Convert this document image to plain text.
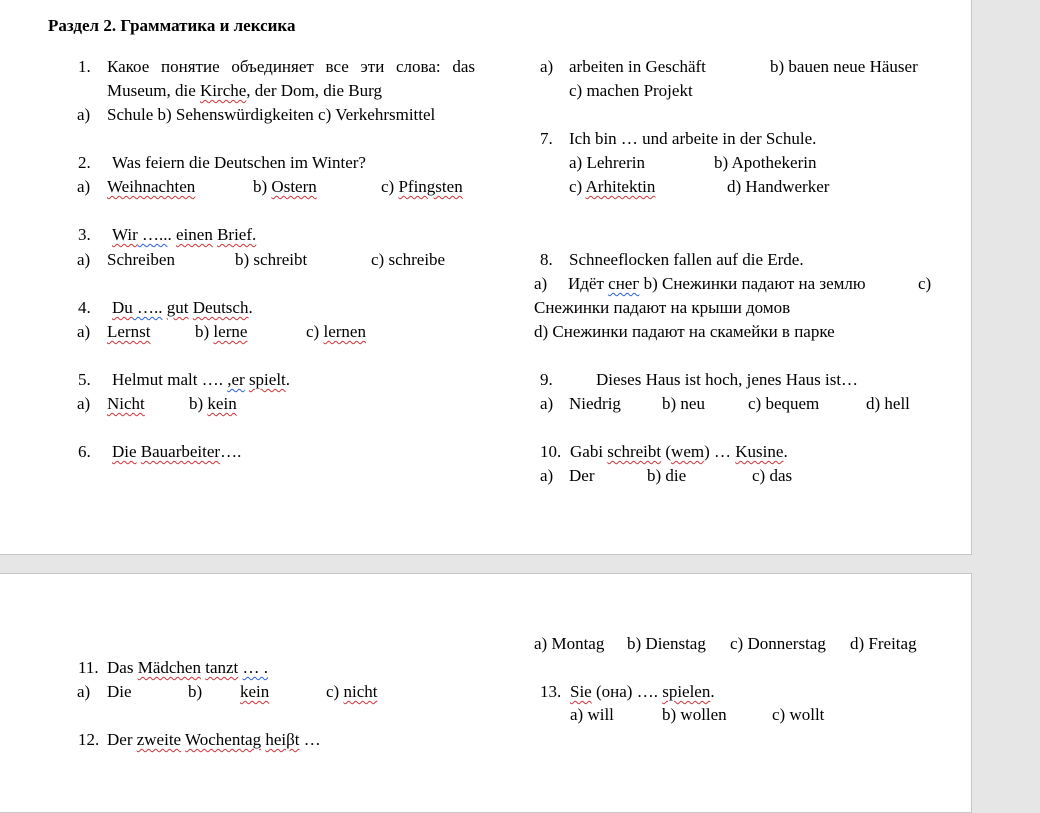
Раздел 2. Грамматика и лексика
1. Какое понятие объединяет все эти слова: das
Museum, die Kirche, der Dom, die Burg
a) Schule b) Sehenswürdigkeiten c) Verkehrsmittel
2. Was feiern die Deutschen im Winter?
a) Weihnachten	b) Ostern	c) Pfingsten
3. Wir …... einen Brief.
a) Schreiben	b) schreibt	c) schreibe
4. Du ….. gut Deutsch.
a) Lernst	b) lerne	c) lernen
5. Helmut malt …. ,er spielt.
a) Nicht	b) kein
6. Die Bauarbeiter….
a) arbeiten in Geschäft	b) bauen neue Häuser
c) machen Projekt
7. Ich bin … und arbeite in der Schule.
a) Lehrerin	b) Apothekerin
c) Arhitektin	d) Handwerker
8. Schneeflocken fallen auf die Erde.
a) Идёт снег b) Снежинки падают на землю	c)
Снежинки падают на крыши домов
d) Снежинки падают на скамейки в парке
9.	Dieses Haus ist hoch, jenes Haus ist…
a) Niedrig b) neu	c) bequem	d) hell
10. Gabi schreibt (wem) … Kusine.
a) Der	b) die	c) das
a) Montag b) Dienstag c) Donnerstag d) Freitag
11. Das Mädchen tanzt … .
a) Die	b) kein	c) nicht	13. Sie (она) …. spielen.
a) will	b) wollen	c) wollt
12. Der zweite Wochentag heiβt …
